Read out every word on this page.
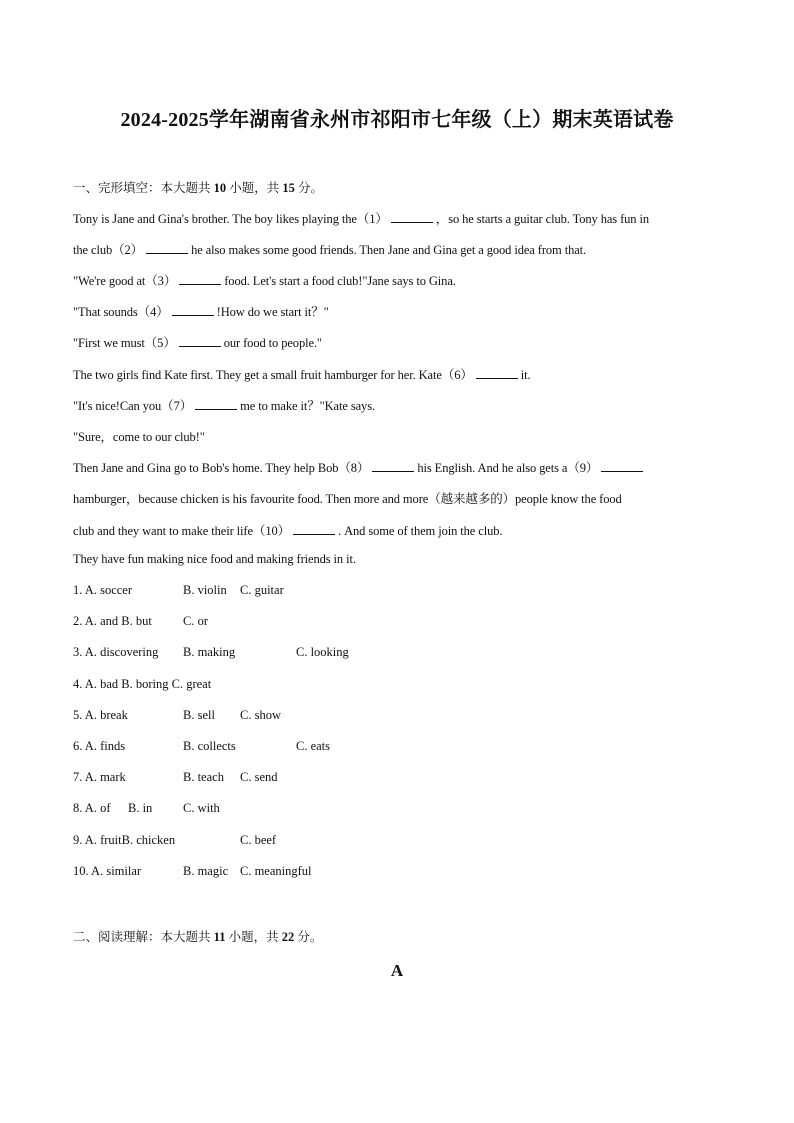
2024-2025学年湖南省永州市祁阳市七年级（上）期末英语试卷
一、完形填空：本大题共 10 小题，共 15 分。
Tony is Jane and Gina's brother. The boy likes playing the（1）	，so he starts a guitar club. Tony has fun in
the club（2）	he also makes some good friends. Then Jane and Gina get a good idea from that.
"We're good at（3）	food. Let's start a food club!"Jane says to Gina.
"That sounds（4）	!How do we start it？"
"First we must（5）	our food to people."
The two girls find Kate first. They get a small fruit hamburger for her. Kate（6）	it.
"It's nice!Can you（7）	me to make it？"Kate says.
"Sure，come to our club!"
Then Jane and Gina go to Bob's home. They help Bob（8）	his English. And he also gets a（9）
hamburger，because chicken is his favourite food. Then more and more（越来越多的）people know the food
club and they want to make their life（10）	. And some of them join the club.
They have fun making nice food and making friends in it.
1. A. soccer	B. violin C. guitar
2. A. and B. but C. or
3. A. discovering B. making	C. looking
4. A. bad B. boring C. great
5. A. break	B. sell C. show
6. A. finds	B. collects	C. eats
7. A. mark	B. teach C. send
8. A. of B. in C. with
9. A. fruitB. chicken	C. beef
10. A. similar	B. magic C. meaningful
二、阅读理解：本大题共 11 小题，共 22 分。
A
